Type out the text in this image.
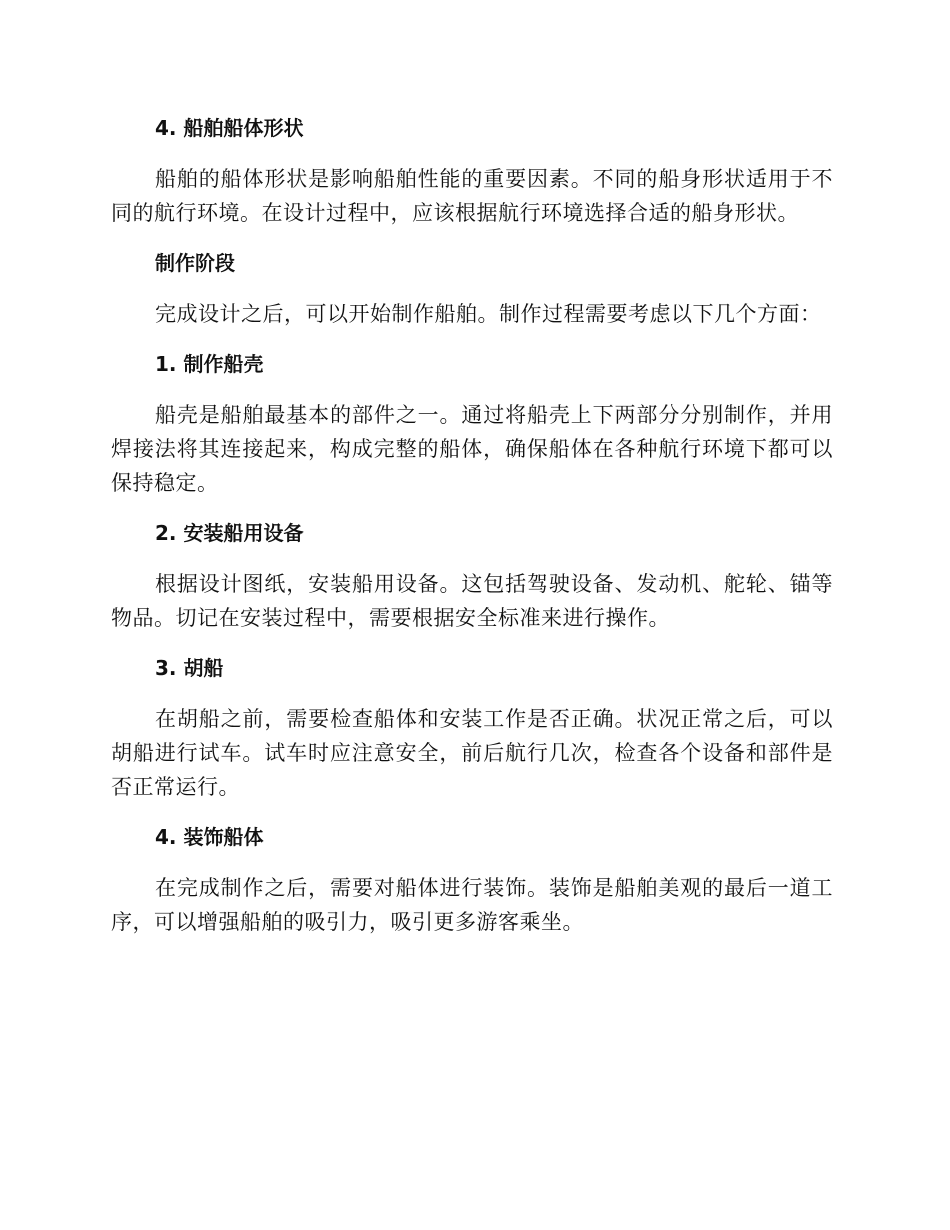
4. 船舶船体形状

船舶的船体形状是影响船舶性能的重要因素。不同的船身形状适用于不同的航行环境。在设计过程中，应该根据航行环境选择合适的船身形状。

制作阶段

完成设计之后，可以开始制作船舶。制作过程需要考虑以下几个方面：

1. 制作船壳

船壳是船舶最基本的部件之一。通过将船壳上下两部分分别制作，并用焊接法将其连接起来，构成完整的船体，确保船体在各种航行环境下都可以保持稳定。

2. 安装船用设备

根据设计图纸，安装船用设备。这包括驾驶设备、发动机、舵轮、锚等物品。切记在安装过程中，需要根据安全标准来进行操作。

3. 胡船

在胡船之前，需要检查船体和安装工作是否正确。状况正常之后，可以胡船进行试车。试车时应注意安全，前后航行几次，检查各个设备和部件是否正常运行。

4. 装饰船体

在完成制作之后，需要对船体进行装饰。装饰是船舶美观的最后一道工序，可以增强船舶的吸引力，吸引更多游客乘坐。
